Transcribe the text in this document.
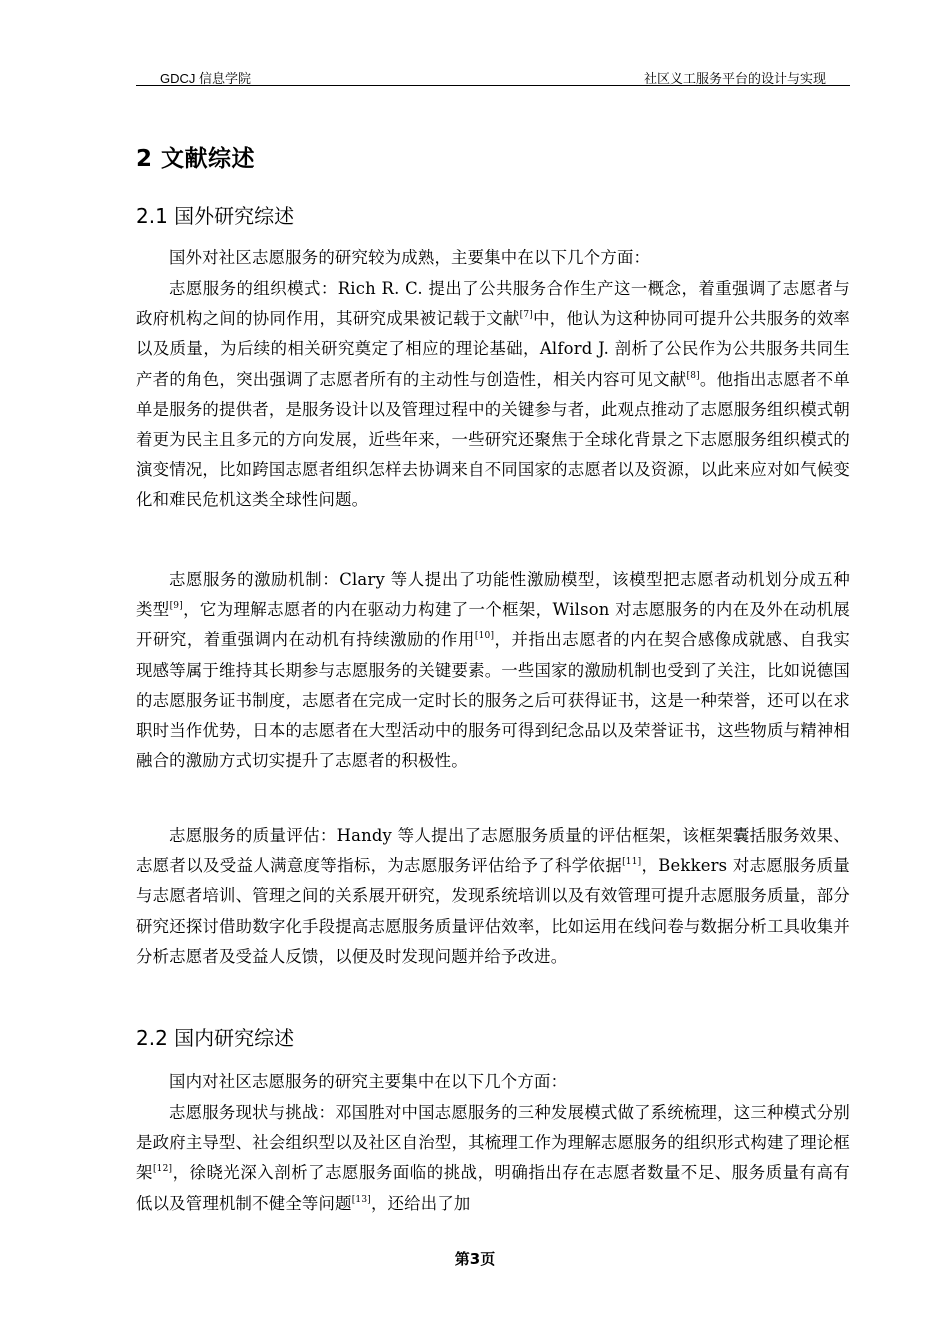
GDCJ 信息学院	社区义工服务平台的设计与实现
2 文献综述
2.1 国外研究综述

国外对社区志愿服务的研究较为成熟，主要集中在以下几个方面：

志愿服务的组织模式：Rich R. C. 提出了公共服务合作生产这一概念，着重强调了志愿者与政府机构之间的协同作用，其研究成果被记载于文献[7]中，他认为这种协同可提升公共服务的效率以及质量，为后续的相关研究奠定了相应的理论基础，Alford J. 剖析了公民作为公共服务共同生产者的角色，突出强调了志愿者所有的主动性与创造性，相关内容可见文献[8]。他指出志愿者不单单是服务的提供者，是服务设计以及管理过程中的关键参与者，此观点推动了志愿服务组织模式朝着更为民主且多元的方向发展，近些年来，一些研究还聚焦于全球化背景之下志愿服务组织模式的演变情况，比如跨国志愿者组织怎样去协调来自不同国家的志愿者以及资源，以此来应对如气候变化和难民危机这类全球性问题。

志愿服务的激励机制：Clary 等人提出了功能性激励模型，该模型把志愿者动机划分成五种类型[9]，它为理解志愿者的内在驱动力构建了一个框架，Wilson 对志愿服务的内在及外在动机展开研究，着重强调内在动机有持续激励的作用[10]，并指出志愿者的内在契合感像成就感、自我实现感等属于维持其长期参与志愿服务的关键要素。一些国家的激励机制也受到了关注，比如说德国的志愿服务证书制度，志愿者在完成一定时长的服务之后可获得证书，这是一种荣誉，还可以在求职时当作优势，日本的志愿者在大型活动中的服务可得到纪念品以及荣誉证书，这些物质与精神相融合的激励方式切实提升了志愿者的积极性。

志愿服务的质量评估：Handy 等人提出了志愿服务质量的评估框架，该框架囊括服务效果、志愿者以及受益人满意度等指标，为志愿服务评估给予了科学依据[11]，Bekkers 对志愿服务质量与志愿者培训、管理之间的关系展开研究，发现系统培训以及有效管理可提升志愿服务质量，部分研究还探讨借助数字化手段提高志愿服务质量评估效率，比如运用在线问卷与数据分析工具收集并分析志愿者及受益人反馈，以便及时发现问题并给予改进。

2.2 国内研究综述

国内对社区志愿服务的研究主要集中在以下几个方面：

志愿服务现状与挑战：邓国胜对中国志愿服务的三种发展模式做了系统梳理，这三种模式分别是政府主导型、社会组织型以及社区自治型，其梳理工作为理解志愿服务的组织形式构建了理论框架[12]，徐晓光深入剖析了志愿服务面临的挑战，明确指出存在志愿者数量不足、服务质量有高有低以及管理机制不健全等问题[13]，还给出了加

第3页
